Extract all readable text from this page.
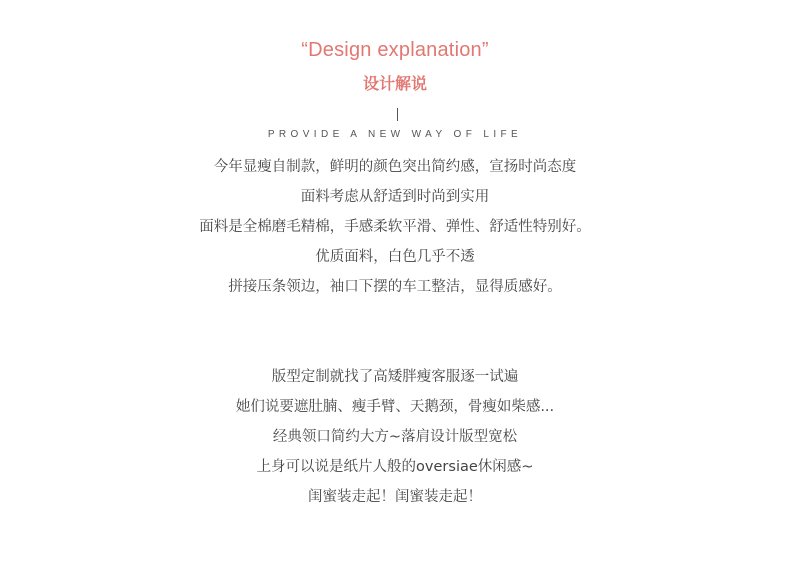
“Design explanation”
设计解说
PROVIDE A NEW WAY OF LIFE
今年显瘦自制款，鲜明的颜色突出简约感，宣扬时尚态度
面料考虑从舒适到时尚到实用
面料是全棉磨毛精棉，手感柔软平滑、弹性、舒适性特别好。
优质面料，白色几乎不透
拼接压条领边，袖口下摆的车工整洁，显得质感好。
版型定制就找了高矮胖瘦客服逐一试遍
她们说要遮肚腩、瘦手臂、天鹅颈，骨瘦如柴感...
经典领口简约大方~落肩设计版型宽松
上身可以说是纸片人般的oversiae休闲感~
闺蜜装走起！闺蜜装走起！
